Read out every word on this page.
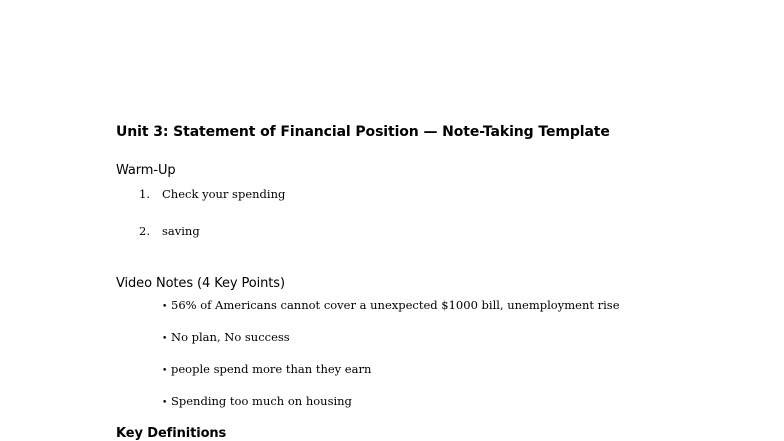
Unit 3: Statement of Financial Position — Note-Taking Template
Warm-Up
1. Check your spending
2. saving
Video Notes (4 Key Points)
• 56% of Americans cannot cover a unexpected $1000 bill, unemployment rise
• No plan, No success
• people spend more than they earn
• Spending too much on housing
Key Definitions
